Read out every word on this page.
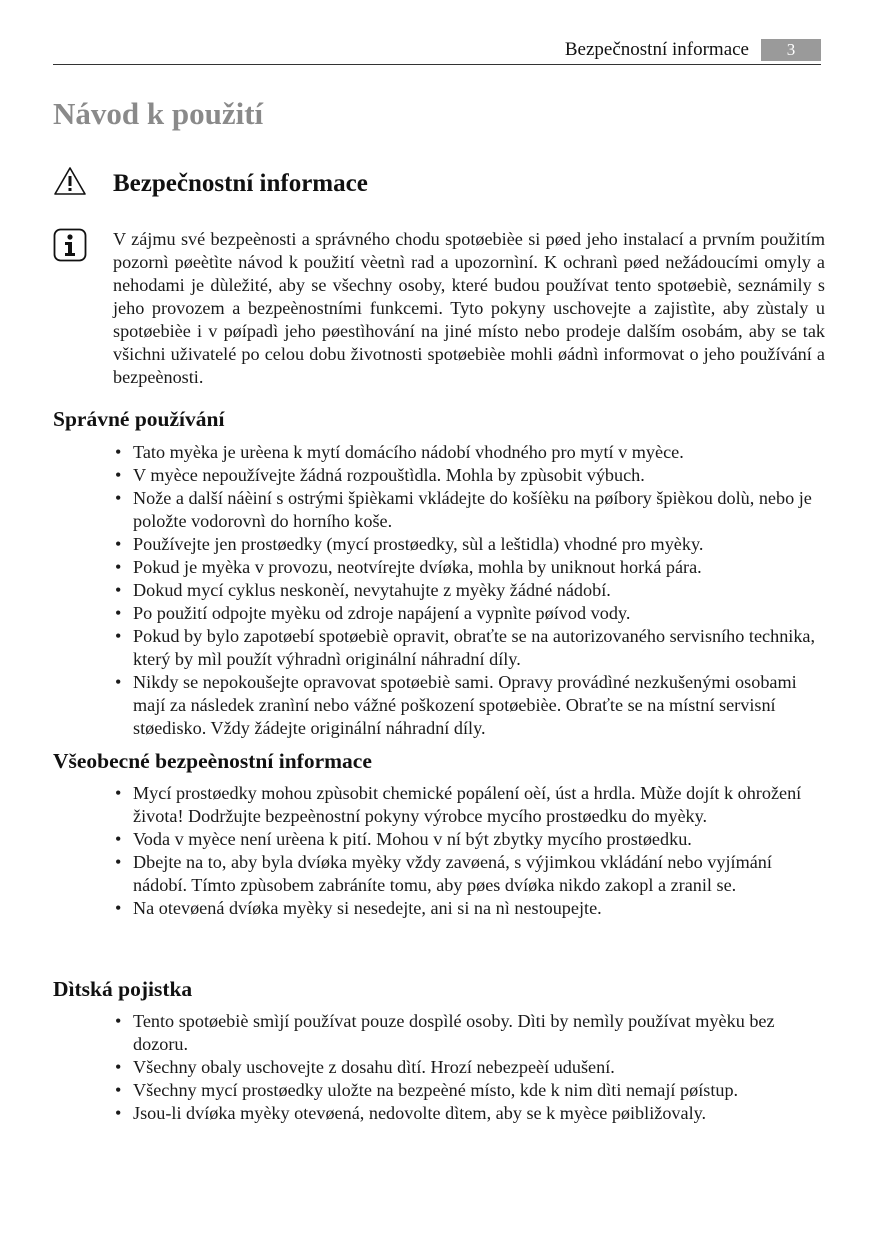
Bezpečnostní informace	3
Návod k použití
Bezpečnostní informace

V zájmu své bezpeènosti a správného chodu spotøebièe si pøed jeho instalací a prvním použitím pozornì pøeètìte návod k použití vèetnì rad a upozornìní. K ochranì pøed nežádoucími omyly a nehodami je dùležité, aby se všechny osoby, které budou používat tento spotøebiè, seznámily s jeho provozem a bezpeènostními funkcemi. Tyto pokyny uschovejte a zajistìte, aby zùstaly u spotøebièe i v pøípadì jeho pøestìhování na jiné místo nebo prodeje dalším osobám, aby se tak všichni uživatelé po celou dobu životnosti spotøebièe mohli øádnì informovat o jeho používání a bezpeènosti.

Správné používání
• Tato myèka je urèena k mytí domácího nádobí vhodného pro mytí v myèce.
• V myèce nepoužívejte žádná rozpouštìdla. Mohla by zpùsobit výbuch.
• Nože a další náèiní s ostrými špièkami vkládejte do košíèku na pøíbory špièkou dolù, nebo je položte vodorovnì do horního koše.
• Používejte jen prostøedky (mycí prostøedky, sùl a leštidla) vhodné pro myèky.
• Pokud je myèka v provozu, neotvírejte dvíøka, mohla by uniknout horká pára.
• Dokud mycí cyklus neskonèí, nevytahujte z myèky žádné nádobí.
• Po použití odpojte myèku od zdroje napájení a vypnìte pøívod vody.
• Pokud by bylo zapotøebí spotøebiè opravit, obraťte se na autorizovaného servisního technika, který by mìl použít výhradnì originální náhradní díly.
• Nikdy se nepokoušejte opravovat spotøebiè sami. Opravy provádìné nezkušenými osobami mají za následek zranìní nebo vážné poškození spotøebièe. Obraťte se na místní servisní støedisko. Vždy žádejte originální náhradní díly.
Všeobecné bezpeènostní informace
• Mycí prostøedky mohou zpùsobit chemické popálení oèí, úst a hrdla. Mùže dojít k ohrožení života! Dodržujte bezpeènostní pokyny výrobce mycího prostøedku do myèky.
• Voda v myèce není urèena k pití. Mohou v ní být zbytky mycího prostøedku.
• Dbejte na to, aby byla dvíøka myèky vždy zavøená, s výjimkou vkládání nebo vyjímání nádobí. Tímto zpùsobem zabráníte tomu, aby pøes dvíøka nikdo zakopl a zranil se.
• Na otevøená dvíøka myèky si nesedejte, ani si na nì nestoupejte.
Dìtská pojistka
• Tento spotøebiè smìjí používat pouze dospìlé osoby. Dìti by nemìly používat myèku bez dozoru.
• Všechny obaly uschovejte z dosahu dìtí. Hrozí nebezpeèí udušení.
• Všechny mycí prostøedky uložte na bezpeèné místo, kde k nim dìti nemají pøístup.
• Jsou-li dvíøka myèky otevøená, nedovolte dìtem, aby se k myèce pøibližovaly.
